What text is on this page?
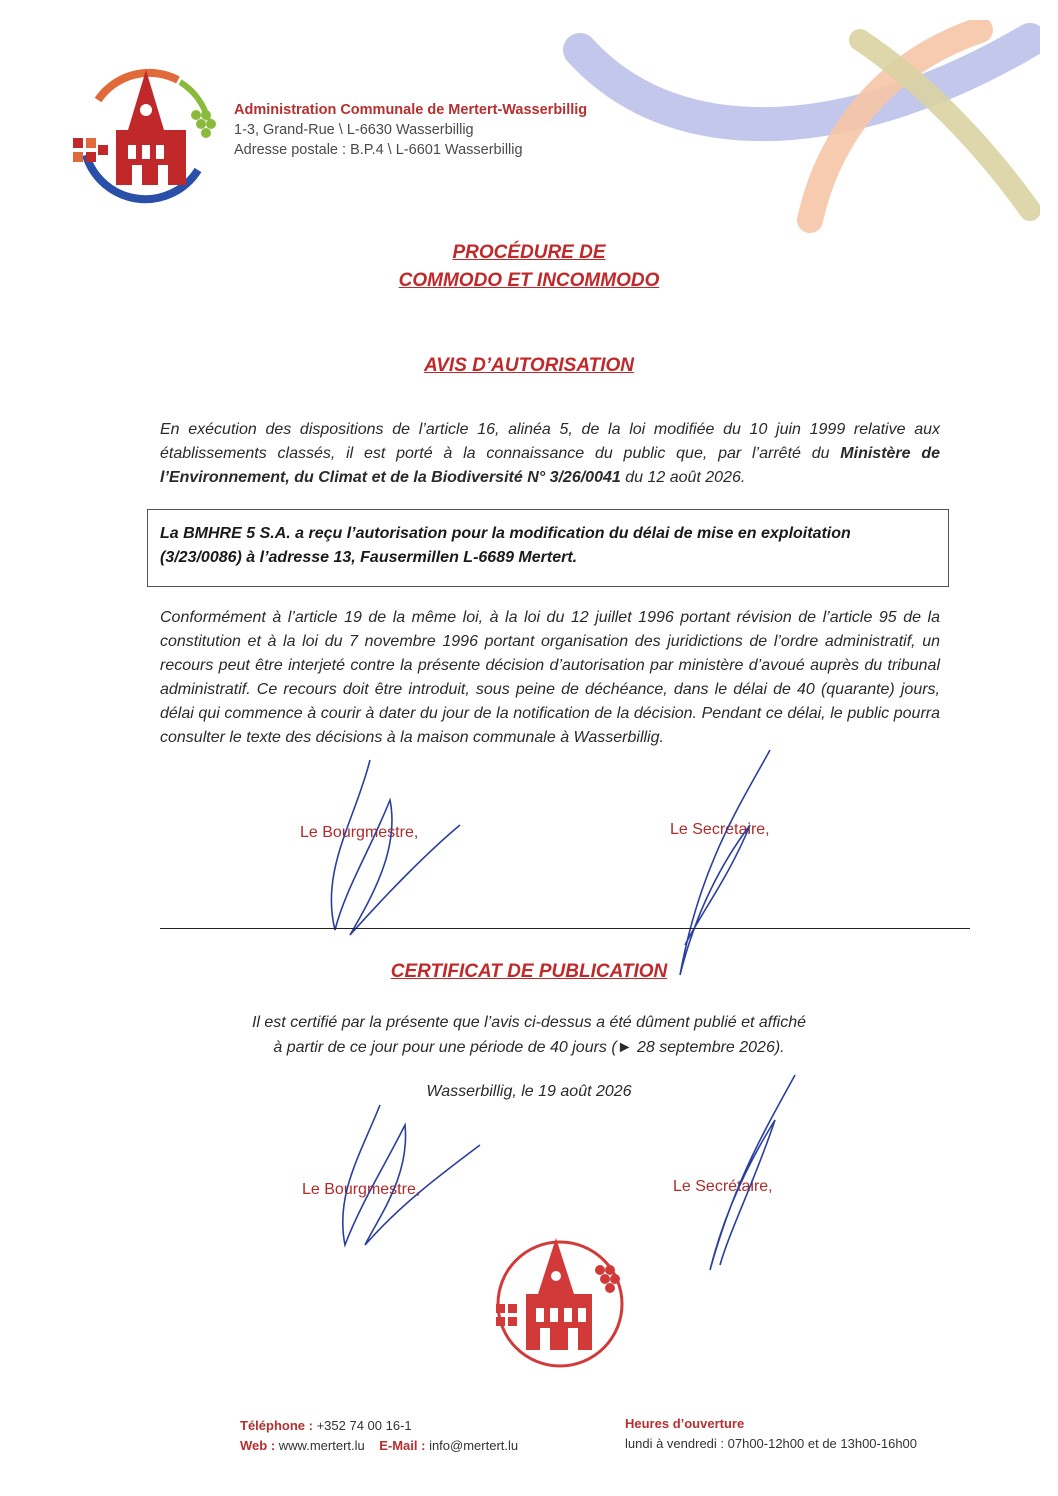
Administration Communale de Mertert-Wasserbillig
1-3, Grand-Rue \ L-6630 Wasserbillig
Adresse postale : B.P.4 \ L-6601 Wasserbillig
PROCÉDURE DE
COMMODO ET INCOMMODO
AVIS D’AUTORISATION
En exécution des dispositions de l’article 16, alinéa 5, de la loi modifiée du 10 juin 1999 relative aux établissements classés, il est porté à la connaissance du public que, par l’arrêté du Ministère de l’Environnement, du Climat et de la Biodiversité N° 3/26/0041 du 12 août 2026.
La BMHRE 5 S.A. a reçu l’autorisation pour la modification du délai de mise en exploitation (3/23/0086) à l’adresse 13, Fausermillen L-6689 Mertert.
Conformément à l’article 19 de la même loi, à la loi du 12 juillet 1996 portant révision de l’article 95 de la constitution et à la loi du 7 novembre 1996 portant organisation des juridictions de l’ordre administratif, un recours peut être interjeté contre la présente décision d’autorisation par ministère d’avoué auprès du tribunal administratif. Ce recours doit être introduit, sous peine de déchéance, dans le délai de 40 (quarante) jours, délai qui commence à courir à dater du jour de la notification de la décision. Pendant ce délai, le public pourra consulter le texte des décisions à la maison communale à Wasserbillig.
Le Bourgmestre,	Le Secrétaire,
CERTIFICAT DE PUBLICATION
Il est certifié par la présente que l’avis ci-dessus a été dûment publié et affiché
à partir de ce jour pour une période de 40 jours (► 28 septembre 2026).
Wasserbillig, le 19 août 2026
Le Bourgmestre,	Le Secrétaire,
Téléphone : +352 74 00 16-1
Web : www.mertert.lu E-Mail : info@mertert.lu
Heures d’ouverture
lundi à vendredi : 07h00-12h00 et de 13h00-16h00
